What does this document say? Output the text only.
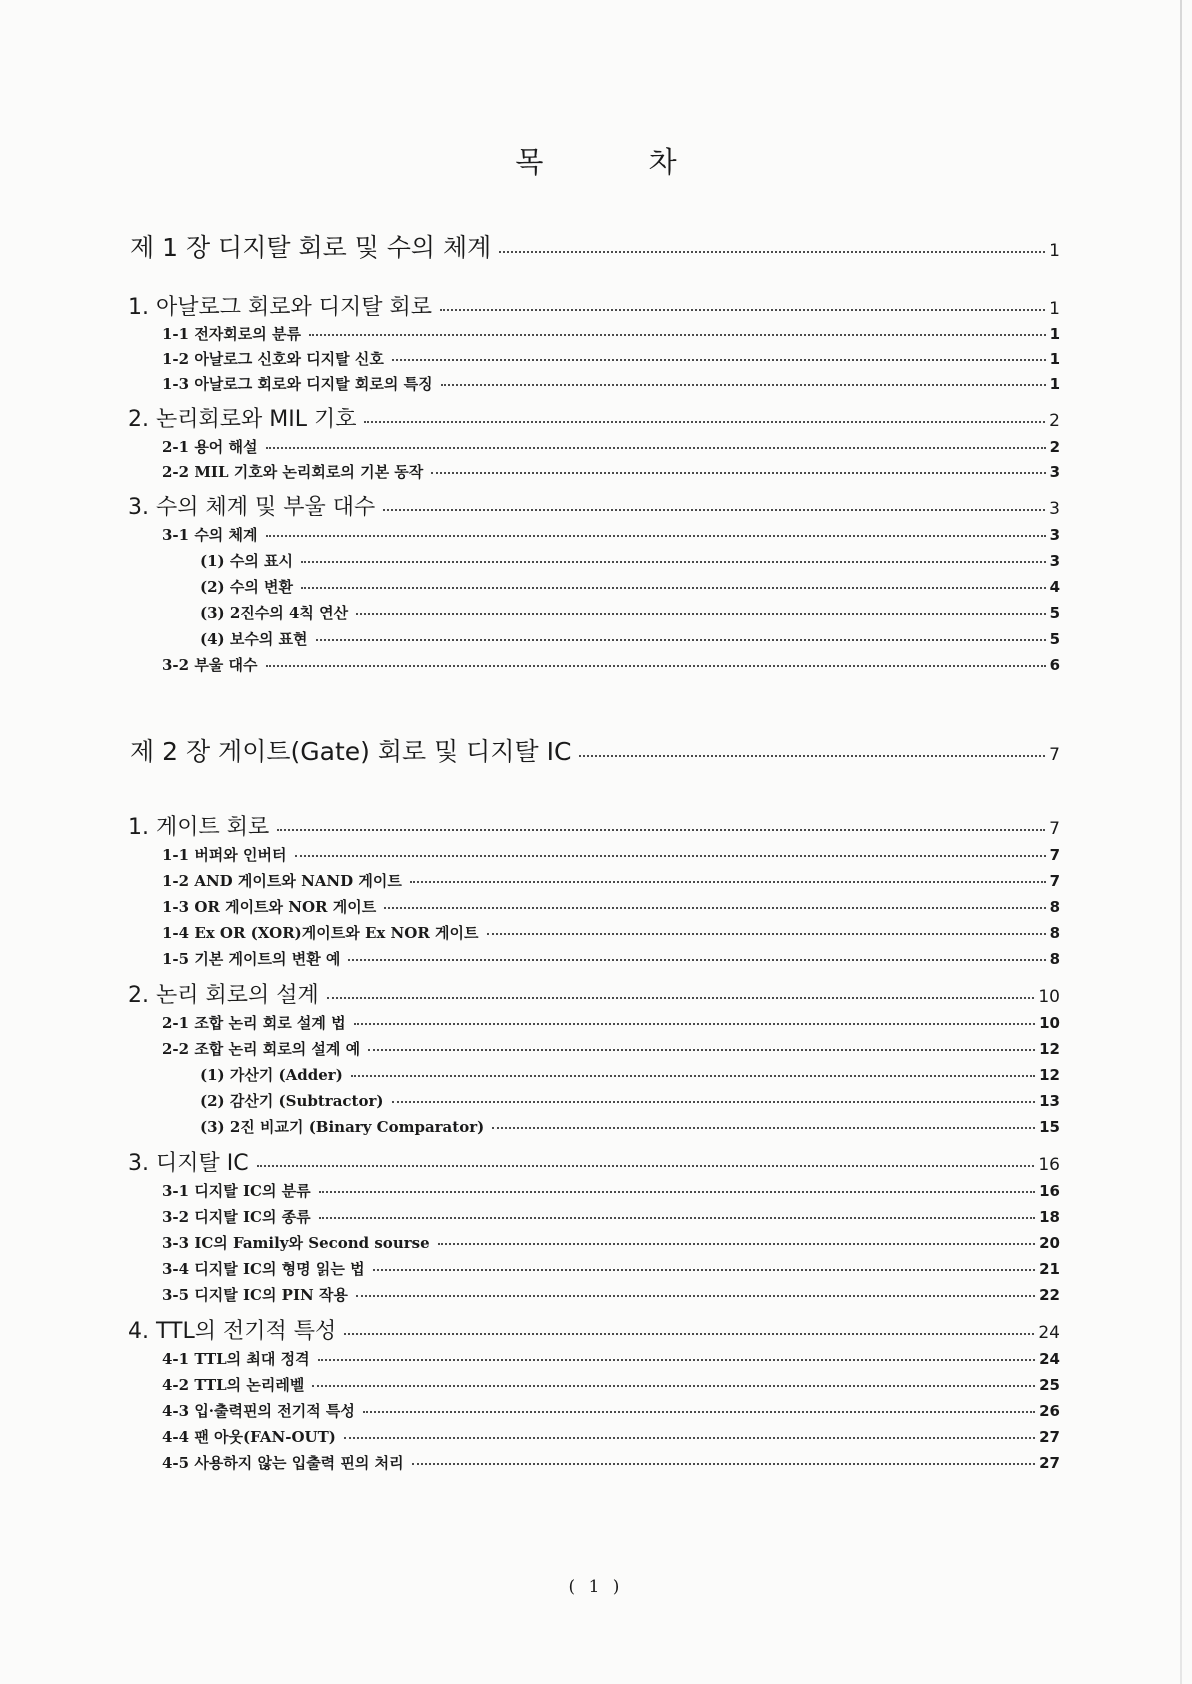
목 차
제 1 장 디지탈 회로 및 수의 체계	1
1. 아날로그 회로와 디지탈 회로	1
1-1 전자회로의 분류	1
1-2 아날로그 신호와 디지탈 신호	1
1-3 아날로그 회로와 디지탈 회로의 특징	1
2. 논리회로와 MIL 기호	2
2-1 용어 해설	2
2-2 MIL 기호와 논리회로의 기본 동작	3
3. 수의 체계 및 부울 대수	3
3-1 수의 체계	3
(1) 수의 표시	3
(2) 수의 변환	4
(3) 2진수의 4칙 연산	5
(4) 보수의 표현	5
3-2 부울 대수	6
제 2 장 게이트(Gate) 회로 및 디지탈 IC	7
1. 게이트 회로	7
1-1 버퍼와 인버터	7
1-2 AND 게이트와 NAND 게이트	7
1-3 OR 게이트와 NOR 게이트	8
1-4 Ex OR (XOR)게이트와 Ex NOR 게이트	8
1-5 기본 게이트의 변환 예	8
2. 논리 회로의 설계	10
2-1 조합 논리 회로 설계 법	10
2-2 조합 논리 회로의 설계 예	12
(1) 가산기 (Adder)	12
(2) 감산기 (Subtractor)	13
(3) 2진 비교기 (Binary Comparator)	15
3. 디지탈 IC	16
3-1 디지탈 IC의 분류	16
3-2 디지탈 IC의 종류	18
3-3 IC의 Family와 Second sourse	20
3-4 디지탈 IC의 형명 읽는 법	21
3-5 디지탈 IC의 PIN 작용	22
4. TTL의 전기적 특성	24
4-1 TTL의 최대 정격	24
4-2 TTL의 논리레벨	25
4-3 입·출력핀의 전기적 특성	26
4-4 팬 아웃(FAN-OUT)	27
4-5 사용하지 않는 입출력 핀의 처리	27
( 1 )
